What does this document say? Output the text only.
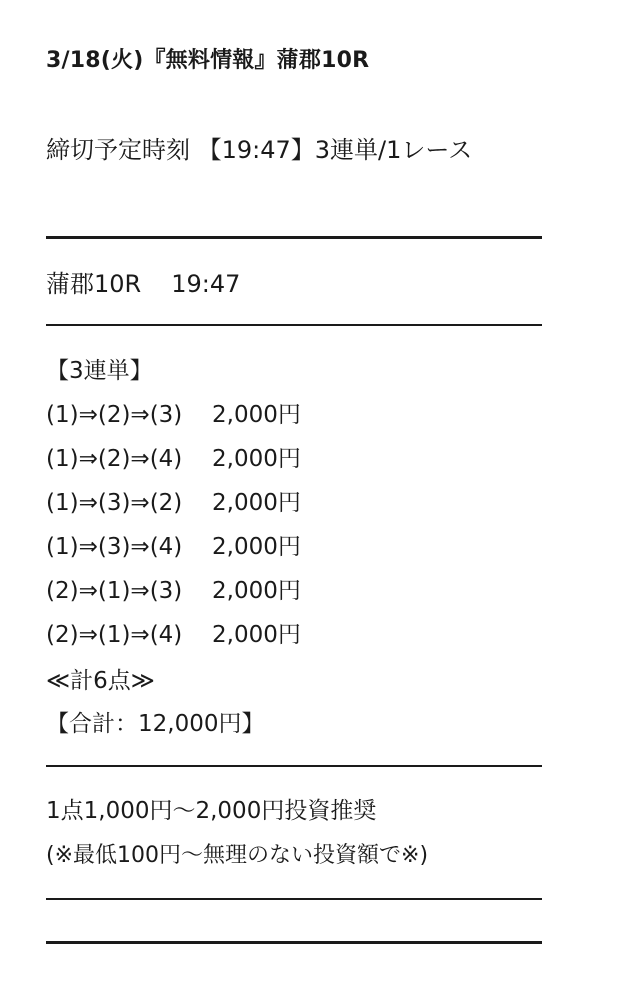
3/18(火)『無料情報』蒲郡10R
締切予定時刻 【19:47】3連単/1レース
蒲郡10R 19:47
【3連単】
(1)⇒(2)⇒(3) 2,000円
(1)⇒(2)⇒(4) 2,000円
(1)⇒(3)⇒(2) 2,000円
(1)⇒(3)⇒(4) 2,000円
(2)⇒(1)⇒(3) 2,000円
(2)⇒(1)⇒(4) 2,000円
≪計6点≫
【合計：12,000円】
1点1,000円〜2,000円投資推奨
(※最低100円〜無理のない投資額で※)
